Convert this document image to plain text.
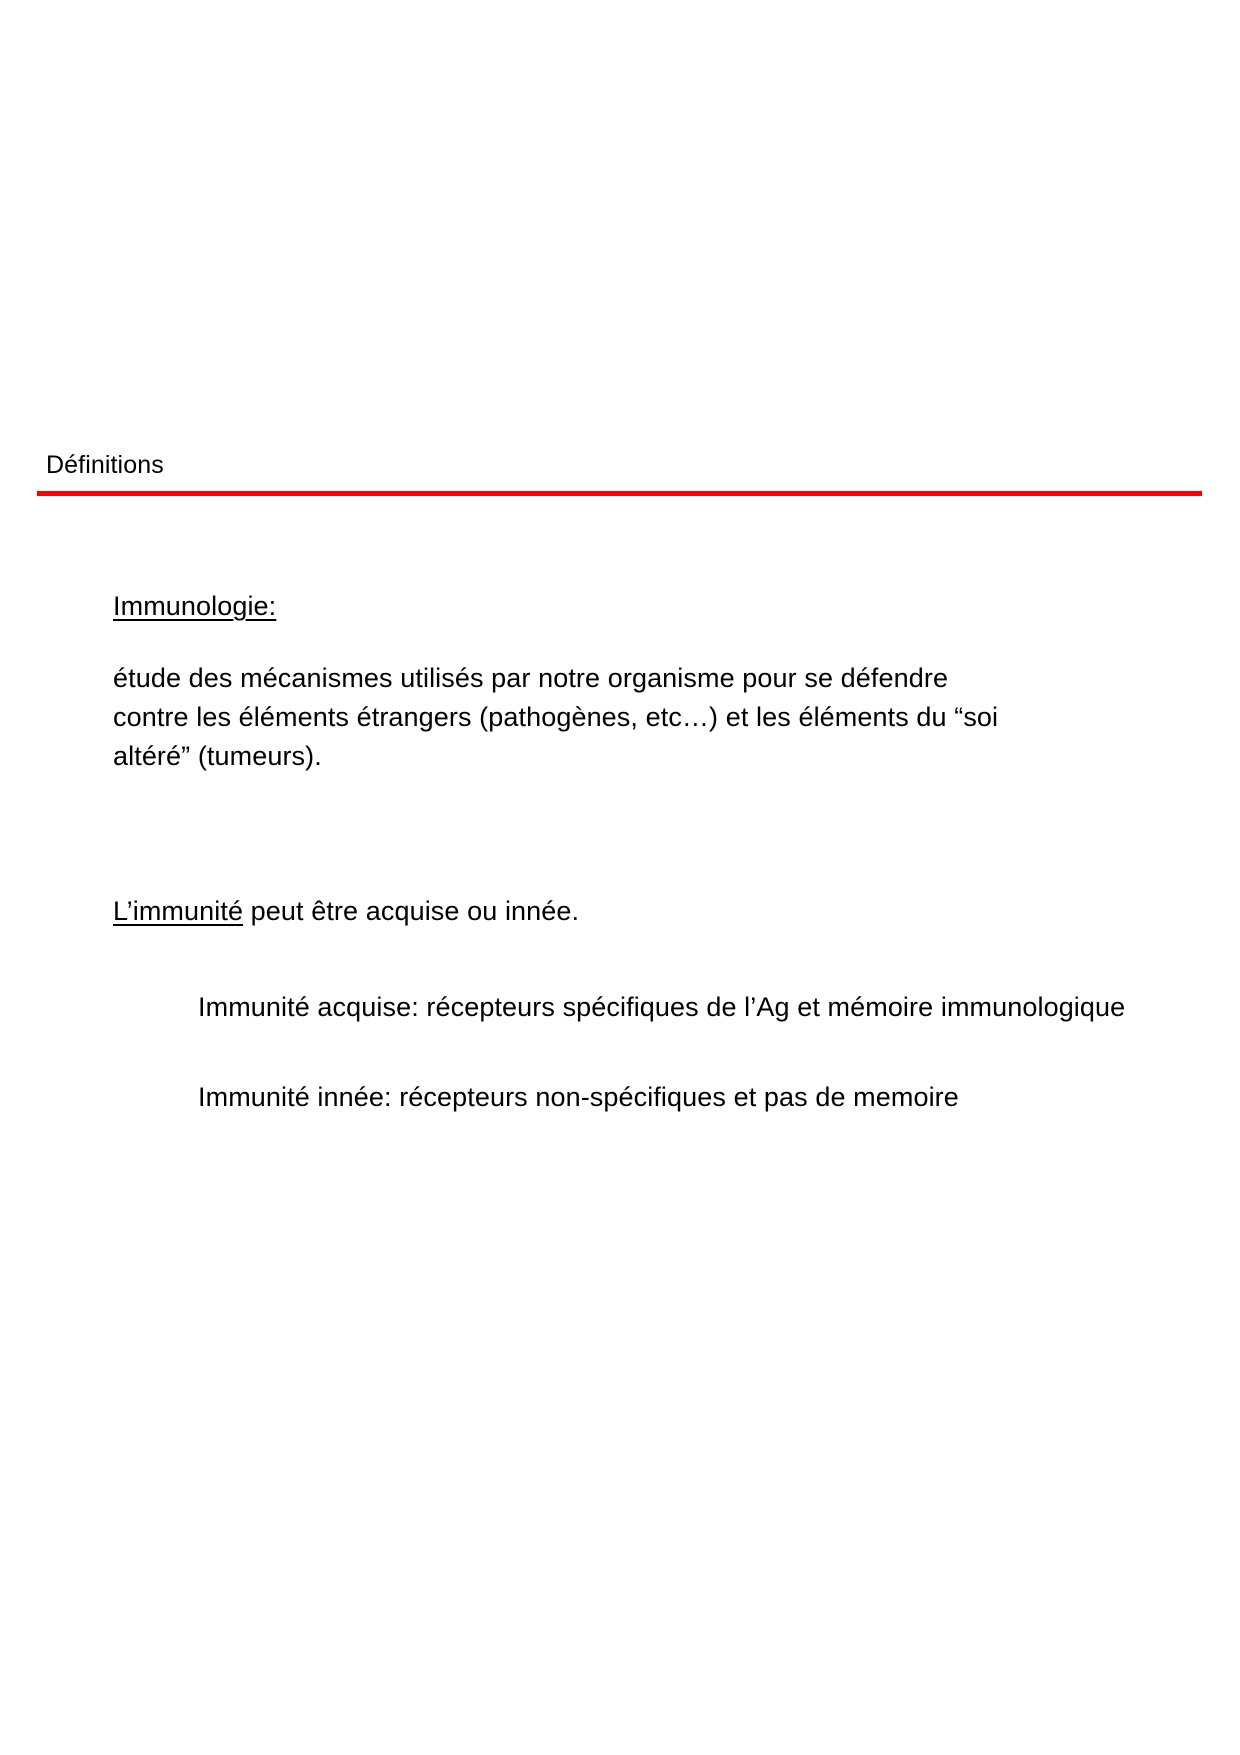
Définitions
Immunologie:
étude des mécanismes utilisés par notre organisme pour se défendre contre les éléments étrangers (pathogènes, etc…) et les éléments du “soi altéré” (tumeurs).
L’immunité peut être acquise ou innée.
Immunité acquise: récepteurs spécifiques de l’Ag et mémoire immunologique
Immunité innée: récepteurs non-spécifiques et pas de memoire
